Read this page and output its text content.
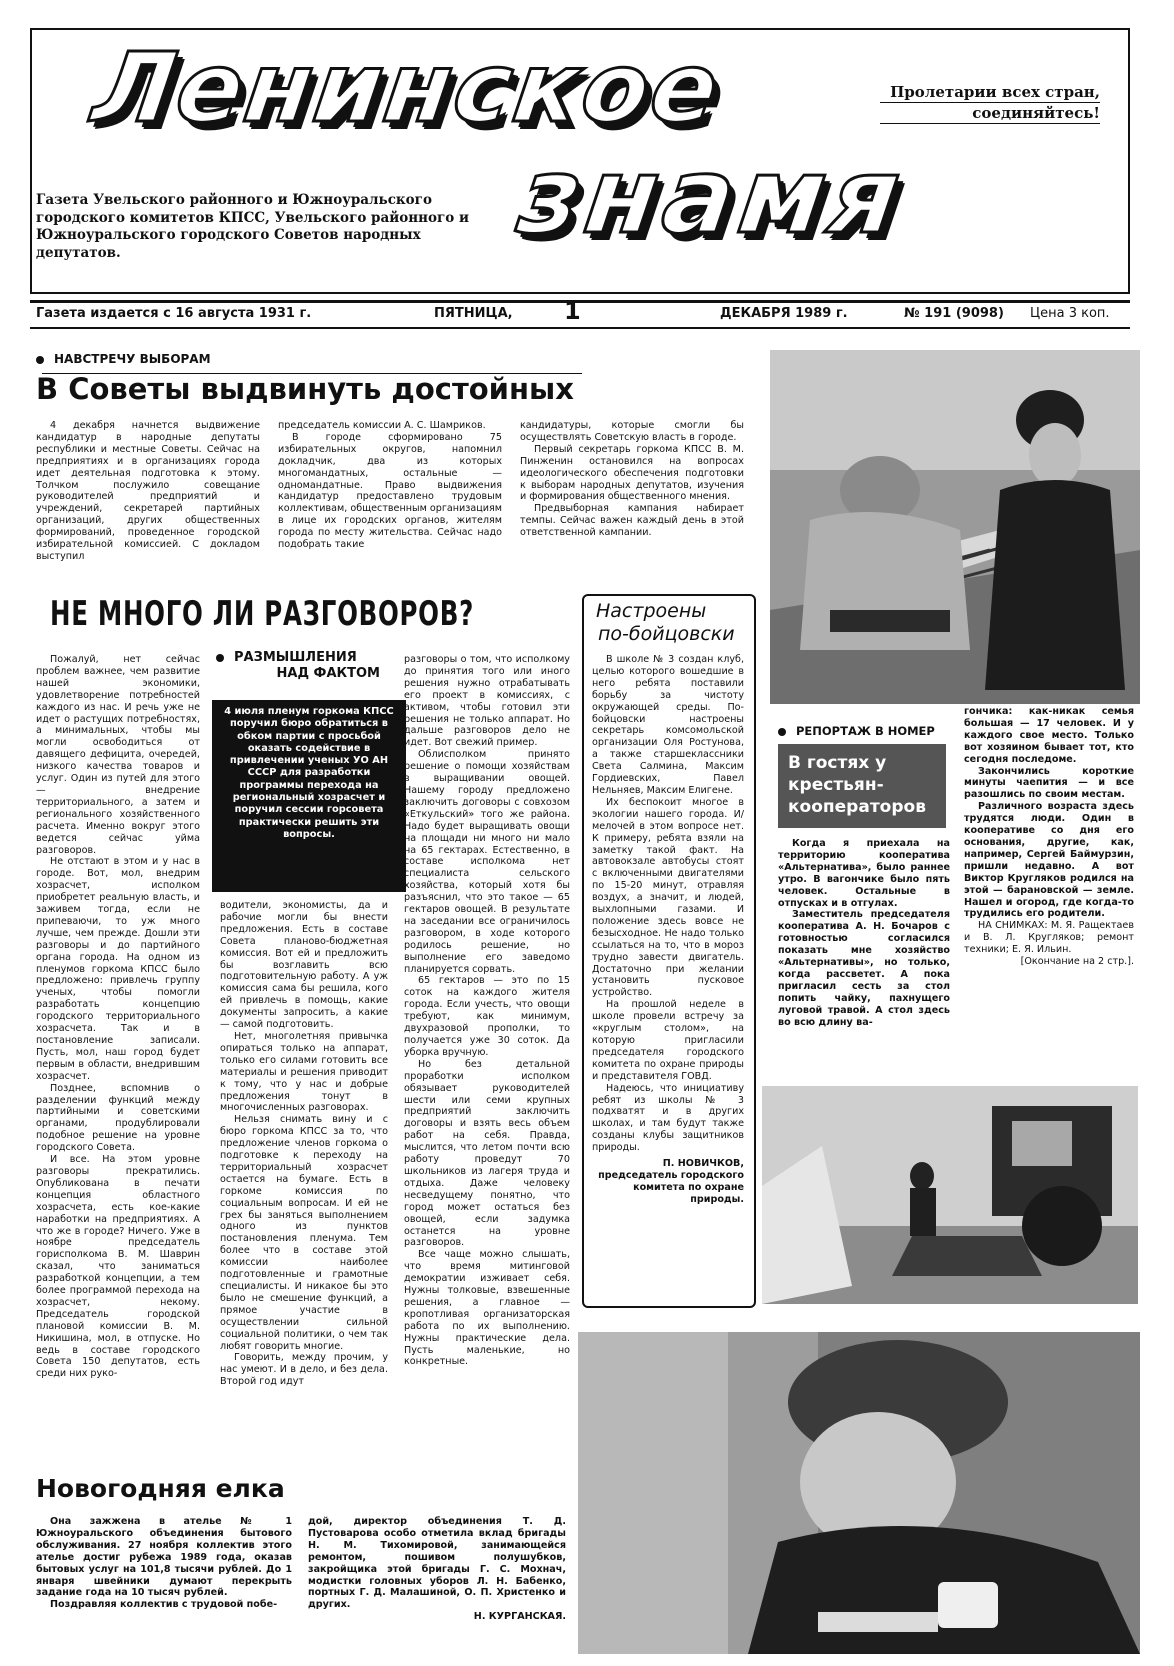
Ленинское
знамя
Пролетарии всех стран,
соединяйтесь!
Газета Увельского районного и Южноуральского городского комитетов КПСС, Увельского районного и Южноуральского городского Советов народных депутатов.
Газета издается с 16 августа 1931 г.	ПЯТНИЦА, 1	ДЕКАБРЯ 1989 г.	№ 191 (9098) Цена 3 коп.
НАВСТРЕЧУ ВЫБОРАМ
В Советы выдвинуть достойных

4 декабря начнется выдвижение кандидатур в народные депутаты республики и местные Советы. Сейчас на предприятиях и в организациях города идет деятельная подготовка к этому. Толчком послужило совещание руководителей предприятий и учреждений, секретарей партийных организаций, других общественных формирований, проведенное городской избирательной комиссией. С докладом выступил

председатель комиссии А. С. Шамриков.

В городе сформировано 75 избирательных округов, напомнил докладчик, два из которых многомандатных, остальные — одномандатные. Право выдвижения кандидатур предоставлено трудовым коллективам, общественным организациям в лице их городских органов, жителям города по месту жительства. Сейчас надо подобрать такие

кандидатуры, которые смогли бы осуществлять Советскую власть в городе.

Первый секретарь горкома КПСС В. М. Пинженин остановился на вопросах идеологического обеспечения подготовки к выборам народных депутатов, изучения и формирования общественного мнения.

Предвыборная кампания набирает темпы. Сейчас важен каждый день в этой ответственной кампании.

НЕ МНОГО ЛИ РАЗГОВОРОВ?
РАЗМЫШЛЕНИЯ
НАД ФАКТОМ
4 июля пленум горкома КПСС поручил бюро обратиться в обком партии с просьбой оказать содействие в привлечении ученых УО АН СССР для разработки программы перехода на региональный хозрасчет и поручил сессии горсовета практически решить эти вопросы.

Пожалуй, нет сейчас проблем важнее, чем развитие нашей экономики, удовлетворение потребностей каждого из нас. И речь уже не идет о растущих потребностях, а минимальных, чтобы мы могли освободиться от давящего дефицита, очередей, низкого качества товаров и услуг. Один из путей для этого — внедрение территориального, а затем и регионального хозяйственного расчета. Именно вокруг этого ведется сейчас уйма разговоров.

Не отстают в этом и у нас в городе. Вот, мол, внедрим хозрасчет, исполком приобретет реальную власть, и заживем тогда, если не припеваючи, то уж много лучше, чем прежде. Дошли эти разговоры и до партийного органа города. На одном из пленумов горкома КПСС было предложено: привлечь группу ученых, чтобы помогли разработать концепцию городского территориального хозрасчета. Так и в постановление записали. Пусть, мол, наш город будет первым в области, внедрившим хозрасчет.

Позднее, вспомнив о разделении функций между партийными и советскими органами, продублировали подобное решение на уровне городского Совета.

И все. На этом уровне разговоры прекратились. Опубликована в печати концепция областного хозрасчета, есть кое-какие наработки на предприятиях. А что же в городе? Ничего. Уже в ноябре председатель горисполкома В. М. Шаврин сказал, что заниматься разработкой концепции, а тем более программой перехода на хозрасчет, некому. Председатель городской плановой комиссии В. М. Никишина, мол, в отпуске. Но ведь в составе городского Совета 150 депутатов, есть среди них руко-

водители, экономисты, да и рабочие могли бы внести предложения. Есть в составе Совета планово-бюджетная комиссия. Вот ей и предложить бы возглавить всю подготовительную работу. А уж комиссия сама бы решила, кого ей привлечь в помощь, какие документы запросить, а какие — самой подготовить.

Нет, многолетняя привычка опираться только на аппарат, только его силами готовить все материалы и решения приводит к тому, что у нас и добрые предложения тонут в многочисленных разговорах.

Нельзя снимать вину и с бюро горкома КПСС за то, что предложение членов горкома о подготовке к переходу на территориальный хозрасчет остается на бумаге. Есть в горкоме комиссия по социальным вопросам. И ей не грех бы заняться выполнением одного из пунктов постановления пленума. Тем более что в составе этой комиссии наиболее подготовленные и грамотные специалисты. И никакое бы это было не смешение функций, а прямое участие в осуществлении сильной социальной политики, о чем так любят говорить многие.

Говорить, между прочим, у нас умеют. И в дело, и без дела. Второй год идут

разговоры о том, что исполкому до принятия того или иного решения нужно отрабатывать его проект в комиссиях, с активом, чтобы готовил эти решения не только аппарат. Но дальше разговоров дело не идет. Вот свежий пример.

Облисполком принято решение о помощи хозяйствам в выращивании овощей. Нашему городу предложено заключить договоры с совхозом «Еткульский» того же района. Надо будет выращивать овощи на площади ни много ни мало на 65 гектарах. Естественно, в составе исполкома нет специалиста сельского хозяйства, который хотя бы разъяснил, что это такое — 65 гектаров овощей. В результате на заседании все ограничилось разговором, в ходе которого родилось решение, но выполнение его заведомо планируется сорвать.

65 гектаров — это по 15 соток на каждого жителя города. Если учесть, что овощи требуют, как минимум, двухразовой прополки, то получается уже 30 соток. Да уборка вручную.

Но без детальной проработки исполком обязывает руководителей шести или семи крупных предприятий заключить договоры и взять весь объем работ на себя. Правда, мыслится, что летом почти всю работу проведут 70 школьников из лагеря труда и отдыха. Даже человеку несведущему понятно, что город может остаться без овощей, если задумка останется на уровне разговоров.

Все чаще можно слышать, что время митинговой демократии изживает себя. Нужны толковые, взвешенные решения, а главное — кропотливая организаторская работа по их выполнению. Нужны практические дела. Пусть маленькие, но конкретные.

Настроены
по-бойцовски

В школе № 3 создан клуб, целью которого вошедшие в него ребята поставили борьбу за чистоту окружающей среды. По-бойцовски настроены секретарь комсомольской организации Оля Ростунова, а также старшеклассники Света Салмина, Максим Гордиевских, Павел Нельняев, Максим Елигене.

Их беспокоит многое в экологии нашего города. И/мелочей в этом вопросе нет. К примеру, ребята взяли на заметку такой факт. На автовокзале автобусы стоят с включенными двигателями по 15-20 минут, отравляя воздух, а значит, и людей, выхлопными газами. И положение здесь вовсе не безысходное. Не надо только ссылаться на то, что в мороз трудно завести двигатель. Достаточно при желании установить пусковое устройство.

На прошлой неделе в школе провели встречу за «круглым столом», на которую пригласили председателя городского комитета по охране природы и представителя ГОВД.

Надеюсь, что инициативу ребят из школы № 3 подхватят и в других школах, и там будут также созданы клубы защитников природы.

П. НОВИЧКОВ,

председатель городского комитета по охране природы.

РЕПОРТАЖ В НОМЕР
В гостях у крестьян-кооператоров

Когда я приехала на территорию кооператива «Альтернатива», было раннее утро. В вагончике было пять человек. Остальные в отпусках и в отгулах.

Заместитель председателя кооператива А. Н. Бочаров с готовностью согласился показать мне хозяйство «Альтернативы», но только, когда рассветет. А пока пригласил сесть за стол попить чайку, пахнущего луговой травой. А стол здесь во всю длину ва-

гончика: как-никак семья большая — 17 человек. И у каждого свое место. Только вот хозяином бывает тот, кто сегодня последоме.

Закончились короткие минуты чаепития — и все разошлись по своим местам.

Различного возраста здесь трудятся люди. Один в кооперативе со дня его основания, другие, как, например, Сергей Баймурзин, пришли недавно. А вот Виктор Кругляков родился на этой — барановской — земле. Нашел и огород, где когда-то трудились его родители.

НА СНИМКАХ: М. Я. Ращектаев и В. Л. Кругляков; ремонт техники; Е. Я. Ильин.

[Окончание на 2 стр.].

Новогодняя елка

Она зажжена в ателье № 1 Южноуральского объединения бытового обслуживания. 27 ноября коллектив этого ателье достиг рубежа 1989 года, оказав бытовых услуг на 101,8 тысячи рублей. До 1 января швейники думают перекрыть задание года на 10 тысяч рублей.

Поздравляя коллектив с трудовой побе-

дой, директор объединения Т. Д. Пустоварова особо отметила вклад бригады Н. М. Тихомировой, занимающейся ремонтом, пошивом полушубков, закройщика этой бригады Г. С. Мохнач, модистки головных уборов Л. Н. Бабенко, портных Г. Д. Малашиной, О. П. Христенко и других.

Н. КУРГАНСКАЯ.
